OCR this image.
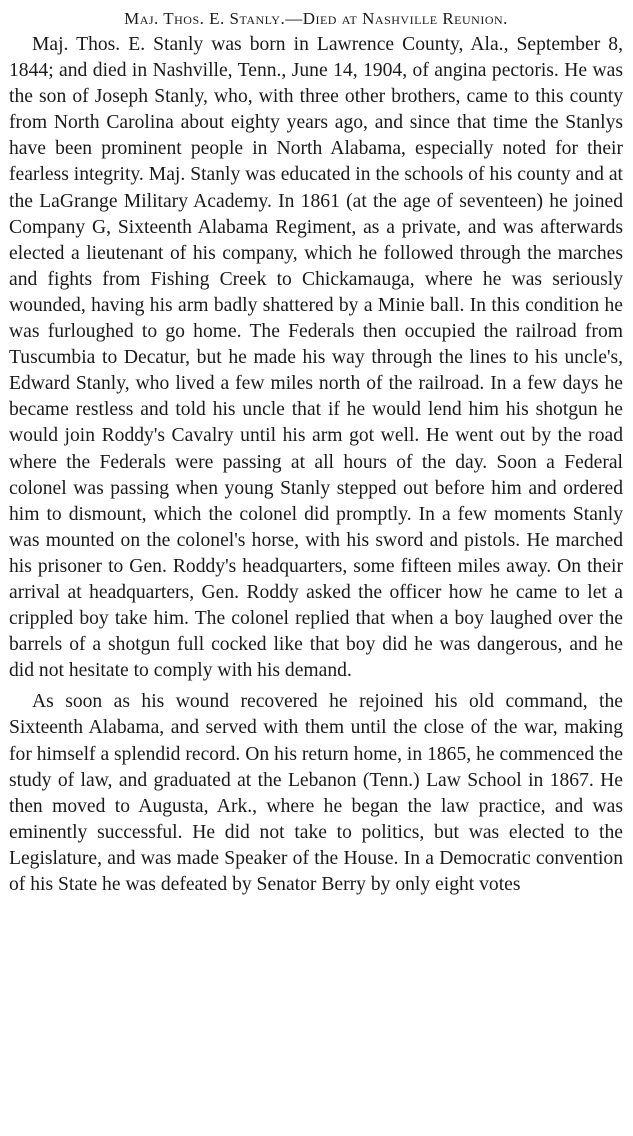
Maj. Thos. E. Stanly.—Died at Nashville Reunion.

Maj. Thos. E. Stanly was born in Lawrence County, Ala., September 8, 1844; and died in Nashville, Tenn., June 14, 1904, of angina pectoris. He was the son of Joseph Stanly, who, with three other brothers, came to this county from North Carolina about eighty years ago, and since that time the Stanlys have been prominent people in North Alabama, especially noted for their fearless integrity. Maj. Stanly was educated in the schools of his county and at the LaGrange Military Academy. In 1861 (at the age of seventeen) he joined Company G, Sixteenth Alabama Regiment, as a private, and was afterwards elected a lieutenant of his company, which he followed through the marches and fights from Fishing Creek to Chickamauga, where he was seriously wounded, having his arm badly shattered by a Minie ball. In this condition he was furloughed to go home. The Federals then occupied the railroad from Tuscumbia to Decatur, but he made his way through the lines to his uncle's, Edward Stanly, who lived a few miles north of the railroad. In a few days he became restless and told his uncle that if he would lend him his shotgun he would join Roddy's Cavalry until his arm got well. He went out by the road where the Federals were passing at all hours of the day. Soon a Federal colonel was passing when young Stanly stepped out before him and ordered him to dismount, which the colonel did promptly. In a few moments Stanly was mounted on the colonel's horse, with his sword and pistols. He marched his prisoner to Gen. Roddy's headquarters, some fifteen miles away. On their arrival at headquarters, Gen. Roddy asked the officer how he came to let a crippled boy take him. The colonel replied that when a boy laughed over the barrels of a shotgun full cocked like that boy did he was dangerous, and he did not hesitate to comply with his demand.

As soon as his wound recovered he rejoined his old command, the Sixteenth Alabama, and served with them until the close of the war, making for himself a splendid record. On his return home, in 1865, he commenced the study of law, and graduated at the Lebanon (Tenn.) Law School in 1867. He then moved to Augusta, Ark., where he began the law practice, and was eminently successful. He did not take to politics, but was elected to the Legislature, and was made Speaker of the House. In a Democratic convention of his State he was defeated by Senator Berry by only eight votes
